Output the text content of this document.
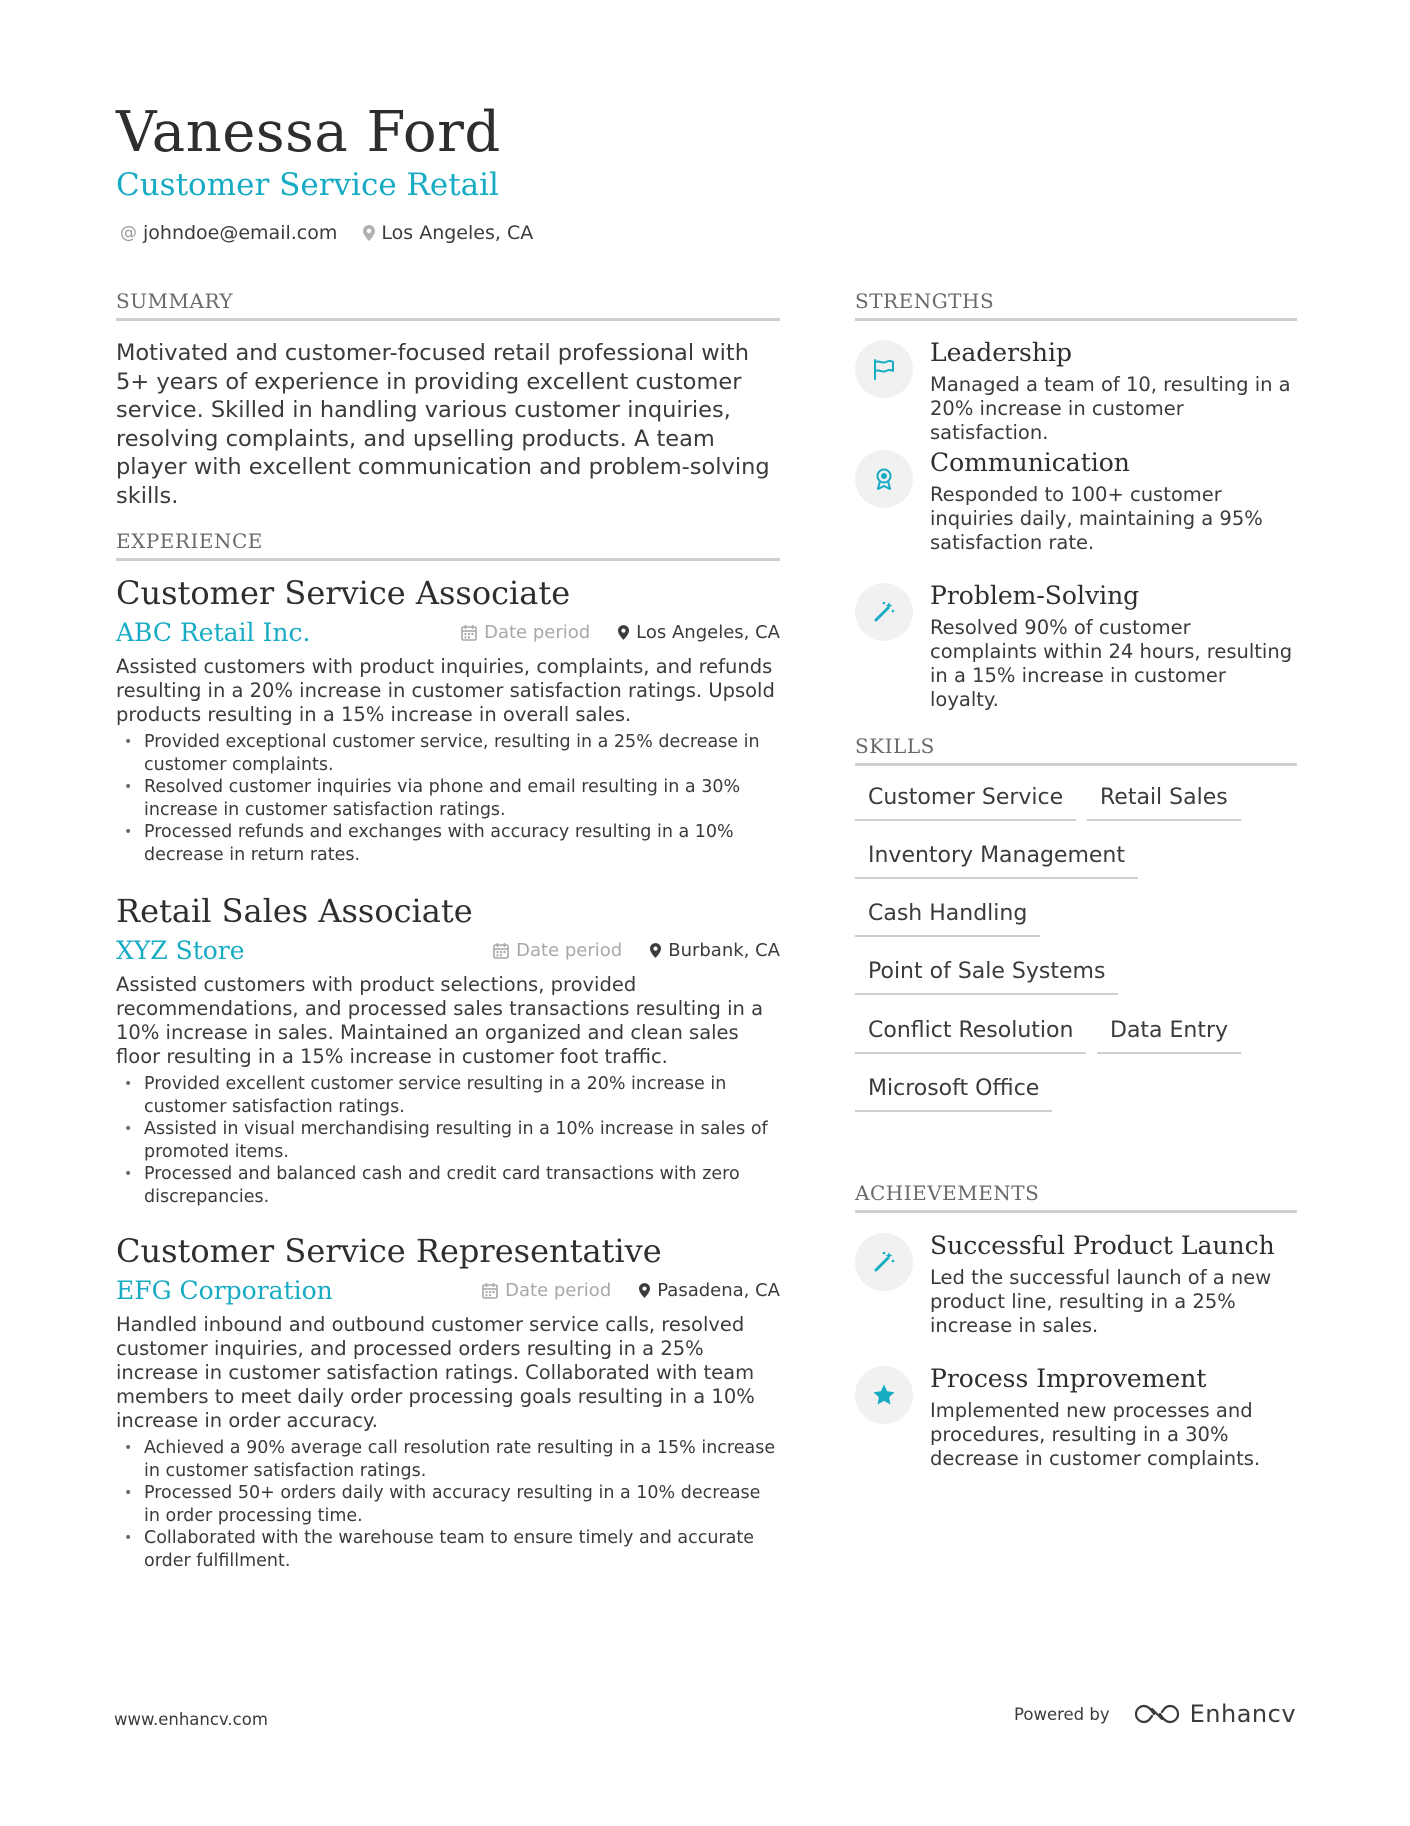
Vanessa Ford
Customer Service Retail
@ johndoe@email.com Los Angeles, CA
SUMMARY
Motivated and customer-focused retail professional with 5+ years of experience in providing excellent customer service. Skilled in handling various customer inquiries, resolving complaints, and upselling products. A team player with excellent communication and problem-solving skills.
EXPERIENCE
Customer Service Associate
ABC Retail Inc.	Date period	Los Angeles, CA
Assisted customers with product inquiries, complaints, and refunds resulting in a 20% increase in customer satisfaction ratings. Upsold products resulting in a 15% increase in overall sales.
• Provided exceptional customer service, resulting in a 25% decrease in customer complaints.
• Resolved customer inquiries via phone and email resulting in a 30% increase in customer satisfaction ratings.
• Processed refunds and exchanges with accuracy resulting in a 10% decrease in return rates.
Retail Sales Associate
XYZ Store	Date period	Burbank, CA
Assisted customers with product selections, provided recommendations, and processed sales transactions resulting in a 10% increase in sales. Maintained an organized and clean sales floor resulting in a 15% increase in customer foot traffic.
• Provided excellent customer service resulting in a 20% increase in customer satisfaction ratings.
• Assisted in visual merchandising resulting in a 10% increase in sales of promoted items.
• Processed and balanced cash and credit card transactions with zero discrepancies.
Customer Service Representative
EFG Corporation	Date period	Pasadena, CA
Handled inbound and outbound customer service calls, resolved customer inquiries, and processed orders resulting in a 25% increase in customer satisfaction ratings. Collaborated with team members to meet daily order processing goals resulting in a 10% increase in order accuracy.
• Achieved a 90% average call resolution rate resulting in a 15% increase in customer satisfaction ratings.
• Processed 50+ orders daily with accuracy resulting in a 10% decrease in order processing time.
• Collaborated with the warehouse team to ensure timely and accurate order fulfillment.
STRENGTHS
Leadership
Managed a team of 10, resulting in a 20% increase in customer satisfaction.
Communication
Responded to 100+ customer inquiries daily, maintaining a 95% satisfaction rate.
Problem-Solving
Resolved 90% of customer complaints within 24 hours, resulting in a 15% increase in customer loyalty.
SKILLS
Customer Service	Retail Sales
Inventory Management
Cash Handling
Point of Sale Systems
Conflict Resolution	Data Entry
Microsoft Office
ACHIEVEMENTS
Successful Product Launch
Led the successful launch of a new product line, resulting in a 25% increase in sales.
Process Improvement
Implemented new processes and procedures, resulting in a 30% decrease in customer complaints.
www.enhancv.com	Powered by	Enhancv
